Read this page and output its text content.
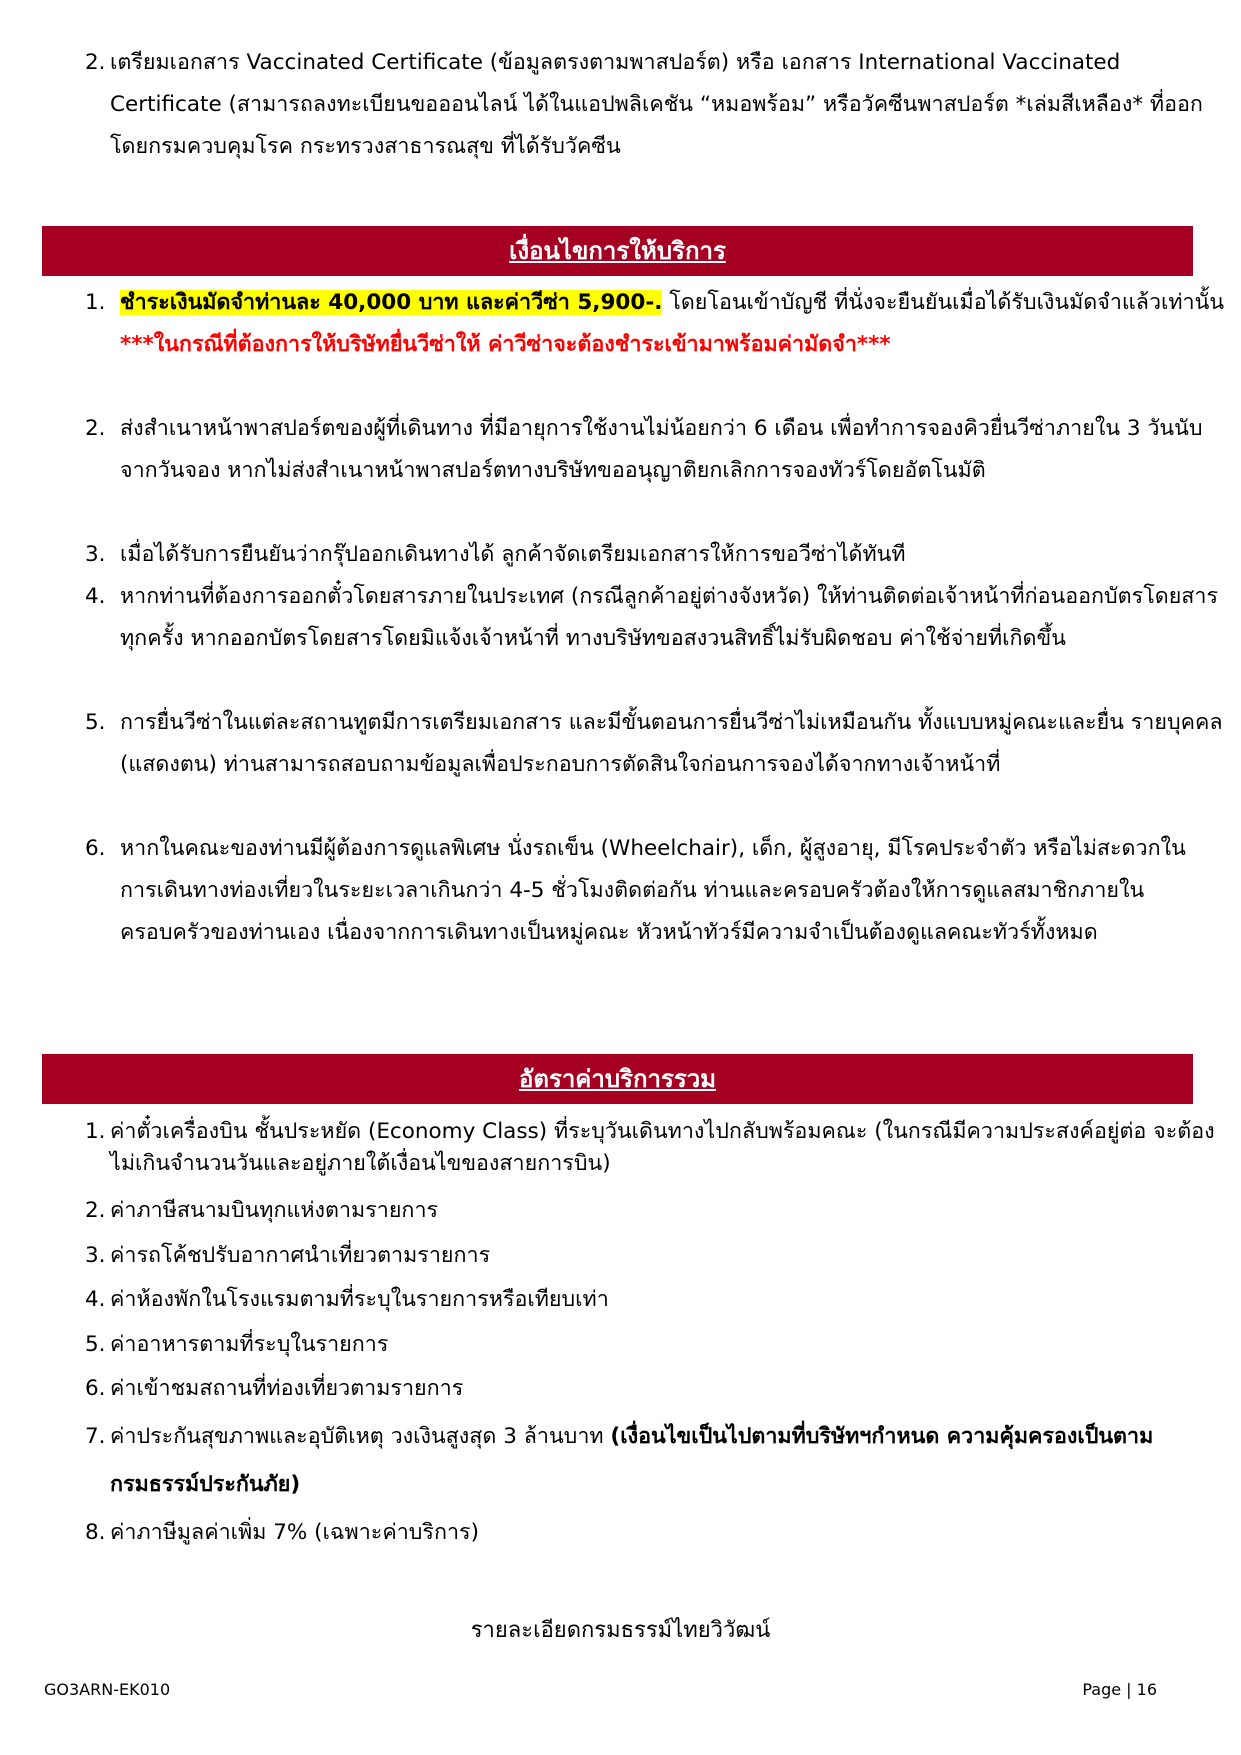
2. เตรียมเอกสาร Vaccinated Certificate (ข้อมูลตรงตามพาสปอร์ต) หรือ เอกสาร International Vaccinated Certificate (สามารถลงทะเบียนขอออนไลน์ ได้ในแอปพลิเคชัน “หมอพร้อม” หรือวัคซีนพาสปอร์ต *เล่มสีเหลือง* ที่ออกโดยกรมควบคุมโรค กระทรวงสาธารณสุข ที่ได้รับวัคซีน
เงื่อนไขการให้บริการ
1. ชำระเงินมัดจำท่านละ 40,000 บาท และค่าวีซ่า 5,900-. โดยโอนเข้าบัญชี ที่นั่งจะยืนยันเมื่อได้รับเงินมัดจำแล้วเท่านั้น
***ในกรณีที่ต้องการให้บริษัทยื่นวีซ่าให้ ค่าวีซ่าจะต้องชำระเข้ามาพร้อมค่ามัดจำ***
2. ส่งสำเนาหน้าพาสปอร์ตของผู้ที่เดินทาง ที่มีอายุการใช้งานไม่น้อยกว่า 6 เดือน เพื่อทำการจองคิวยื่นวีซ่าภายใน 3 วันนับจากวันจอง หากไม่ส่งสำเนาหน้าพาสปอร์ตทางบริษัทขออนุญาติยกเลิกการจองทัวร์โดยอัตโนมัติ
3. เมื่อได้รับการยืนยันว่ากรุ๊ปออกเดินทางได้ ลูกค้าจัดเตรียมเอกสารให้การขอวีซ่าได้ทันที
4. หากท่านที่ต้องการออกตั๋วโดยสารภายในประเทศ (กรณีลูกค้าอยู่ต่างจังหวัด) ให้ท่านติดต่อเจ้าหน้าที่ก่อนออกบัตรโดยสารทุกครั้ง หากออกบัตรโดยสารโดยมิแจ้งเจ้าหน้าที่ ทางบริษัทขอสงวนสิทธิ์ไม่รับผิดชอบ ค่าใช้จ่ายที่เกิดขึ้น
5. การยื่นวีซ่าในแต่ละสถานทูตมีการเตรียมเอกสาร และมีขั้นตอนการยื่นวีซ่าไม่เหมือนกัน ทั้งแบบหมู่คณะและยื่น รายบุคคล (แสดงตน) ท่านสามารถสอบถามข้อมูลเพื่อประกอบการตัดสินใจก่อนการจองได้จากทางเจ้าหน้าที่
6. หากในคณะของท่านมีผู้ต้องการดูแลพิเศษ นั่งรถเข็น (Wheelchair), เด็ก, ผู้สูงอายุ, มีโรคประจำตัว หรือไม่สะดวกใน การเดินทางท่องเที่ยวในระยะเวลาเกินกว่า 4-5 ชั่วโมงติดต่อกัน ท่านและครอบครัวต้องให้การดูแลสมาชิกภายในครอบครัวของท่านเอง เนื่องจากการเดินทางเป็นหมู่คณะ หัวหน้าทัวร์มีความจำเป็นต้องดูแลคณะทัวร์ทั้งหมด
อัตราค่าบริการรวม
1. ค่าตั๋วเครื่องบิน ชั้นประหยัด (Economy Class) ที่ระบุวันเดินทางไปกลับพร้อมคณะ (ในกรณีมีความประสงค์อยู่ต่อ จะต้องไม่เกินจำนวนวันและอยู่ภายใต้เงื่อนไขของสายการบิน)
2. ค่าภาษีสนามบินทุกแห่งตามรายการ
3. ค่ารถโค้ชปรับอากาศนำเที่ยวตามรายการ
4. ค่าห้องพักในโรงแรมตามที่ระบุในรายการหรือเทียบเท่า
5. ค่าอาหารตามที่ระบุในรายการ
6. ค่าเข้าชมสถานที่ท่องเที่ยวตามรายการ
7. ค่าประกันสุขภาพและอุบัติเหตุ วงเงินสูงสุด 3 ล้านบาท (เงื่อนไขเป็นไปตามที่บริษัทฯกำหนด ความคุ้มครองเป็นตามกรมธรรม์ประกันภัย)
8. ค่าภาษีมูลค่าเพิ่ม 7% (เฉพาะค่าบริการ)
รายละเอียดกรมธรรม์ไทยวิวัฒน์
GO3ARN-EK010	Page | 16
